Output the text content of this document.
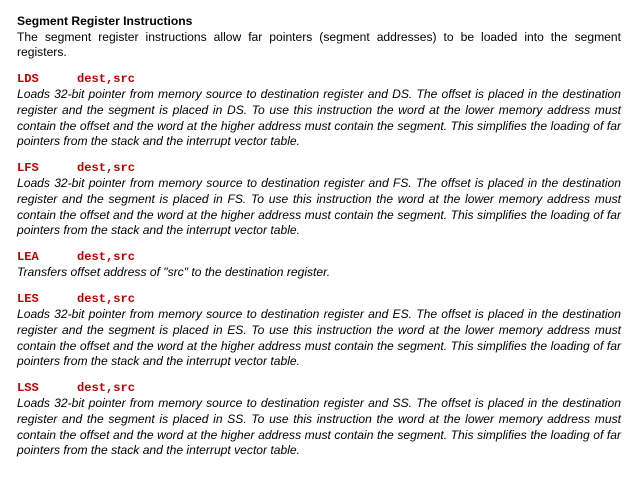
Segment Register Instructions

The segment register instructions allow far pointers (segment addresses) to be loaded into the segment registers.

LDS	dest,src

Loads 32-bit pointer from memory source to destination register and DS. The offset is placed in the destination register and the segment is placed in DS. To use this instruction the word at the lower memory address must contain the offset and the word at the higher address must contain the segment. This simplifies the loading of far pointers from the stack and the interrupt vector table.

LFS	dest,src

Loads 32-bit pointer from memory source to destination register and FS. The offset is placed in the destination register and the segment is placed in FS. To use this instruction the word at the lower memory address must contain the offset and the word at the higher address must contain the segment. This simplifies the loading of far pointers from the stack and the interrupt vector table.

LEA	dest,src

Transfers offset address of "src" to the destination register.

LES	dest,src

Loads 32-bit pointer from memory source to destination register and ES. The offset is placed in the destination register and the segment is placed in ES. To use this instruction the word at the lower memory address must contain the offset and the word at the higher address must contain the segment. This simplifies the loading of far pointers from the stack and the interrupt vector table.

LSS	dest,src

Loads 32-bit pointer from memory source to destination register and SS. The offset is placed in the destination register and the segment is placed in SS. To use this instruction the word at the lower memory address must contain the offset and the word at the higher address must contain the segment. This simplifies the loading of far pointers from the stack and the interrupt vector table.
